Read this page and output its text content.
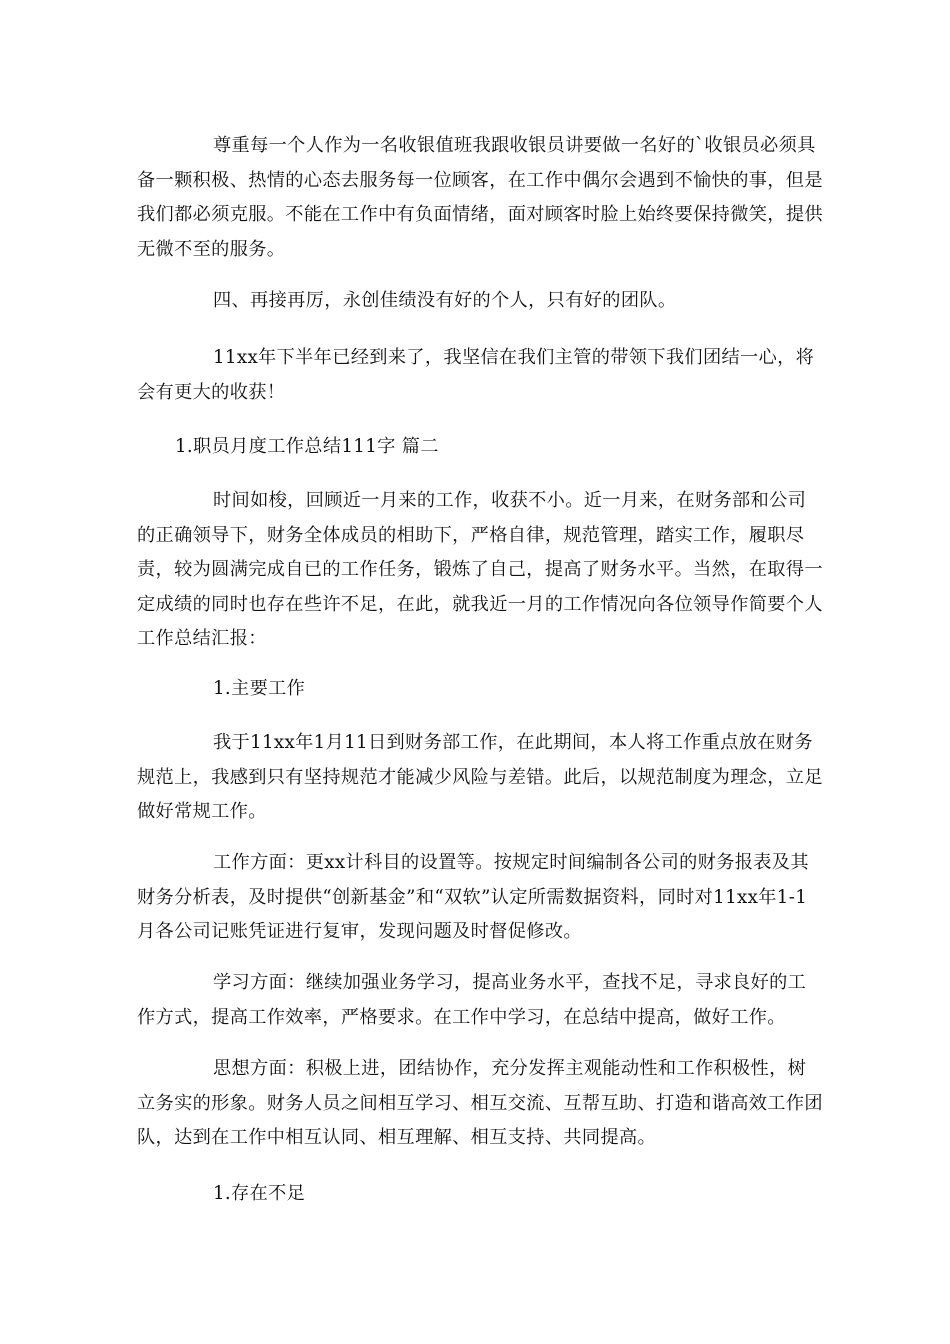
尊重每一个人作为一名收银值班我跟收银员讲要做一名好的`收银员必须具备一颗积极、热情的心态去服务每一位顾客，在工作中偶尔会遇到不愉快的事，但是我们都必须克服。不能在工作中有负面情绪，面对顾客时脸上始终要保持微笑，提供无微不至的服务。

四、再接再厉，永创佳绩没有好的个人，只有好的团队。

11xx年下半年已经到来了，我坚信在我们主管的带领下我们团结一心，将会有更大的收获！

1.职员月度工作总结111字 篇二

时间如梭，回顾近一月来的工作，收获不小。近一月来，在财务部和公司的正确领导下，财务全体成员的相助下，严格自律，规范管理，踏实工作，履职尽责，较为圆满完成自已的工作任务，锻炼了自己，提高了财务水平。当然，在取得一定成绩的同时也存在些许不足，在此，就我近一月的工作情况向各位领导作简要个人工作总结汇报：

1.主要工作

我于11xx年1月11日到财务部工作，在此期间，本人将工作重点放在财务规范上，我感到只有坚持规范才能减少风险与差错。此后，以规范制度为理念，立足做好常规工作。

工作方面：更xx计科目的设置等。按规定时间编制各公司的财务报表及其财务分析表，及时提供“创新基金”和“双软”认定所需数据资料，同时对11xx年1-1月各公司记账凭证进行复审，发现问题及时督促修改。

学习方面：继续加强业务学习，提高业务水平，查找不足，寻求良好的工作方式，提高工作效率，严格要求。在工作中学习，在总结中提高，做好工作。

思想方面：积极上进，团结协作，充分发挥主观能动性和工作积极性，树立务实的形象。财务人员之间相互学习、相互交流、互帮互助、打造和谐高效工作团队，达到在工作中相互认同、相互理解、相互支持、共同提高。

1.存在不足
